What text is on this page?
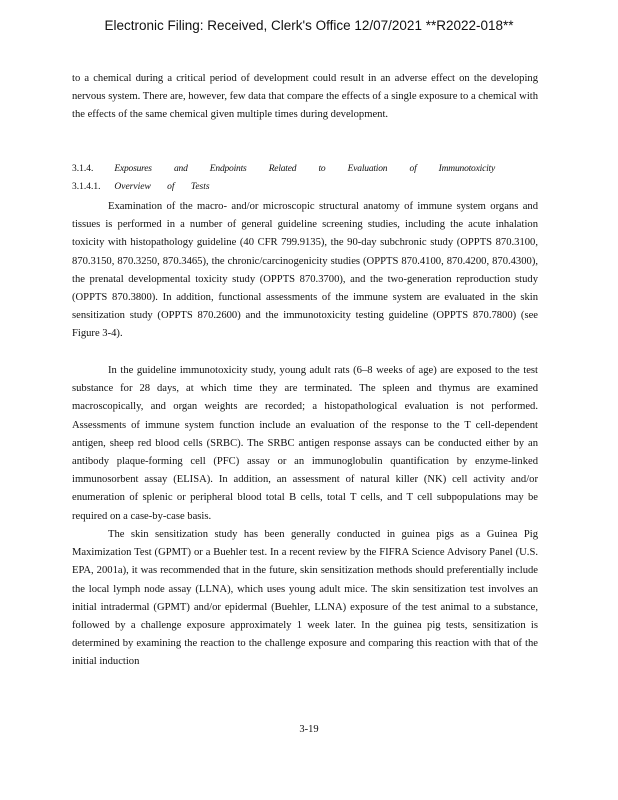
Electronic Filing: Received, Clerk's Office 12/07/2021 **R2022-018**
to a chemical during a critical period of development could result in an adverse effect on the developing nervous system. There are, however, few data that compare the effects of a single exposure to a chemical with the effects of the same chemical given multiple times during development.
3.1.4. Exposures and Endpoints Related to Evaluation of Immunotoxicity
3.1.4.1. Overview of Tests
Examination of the macro- and/or microscopic structural anatomy of immune system organs and tissues is performed in a number of general guideline screening studies, including the acute inhalation toxicity with histopathology guideline (40 CFR 799.9135), the 90-day subchronic study (OPPTS 870.3100, 870.3150, 870.3250, 870.3465), the chronic/carcinogenicity studies (OPPTS 870.4100, 870.4200, 870.4300), the prenatal developmental toxicity study (OPPTS 870.3700), and the two-generation reproduction study (OPPTS 870.3800). In addition, functional assessments of the immune system are evaluated in the skin sensitization study (OPPTS 870.2600) and the immunotoxicity testing guideline (OPPTS 870.7800) (see Figure 3-4).
In the guideline immunotoxicity study, young adult rats (6–8 weeks of age) are exposed to the test substance for 28 days, at which time they are terminated. The spleen and thymus are examined macroscopically, and organ weights are recorded; a histopathological evaluation is not performed. Assessments of immune system function include an evaluation of the response to the T cell-dependent antigen, sheep red blood cells (SRBC). The SRBC antigen response assays can be conducted either by an antibody plaque-forming cell (PFC) assay or an immunoglobulin quantification by enzyme-linked immunosorbent assay (ELISA). In addition, an assessment of natural killer (NK) cell activity and/or enumeration of splenic or peripheral blood total B cells, total T cells, and T cell subpopulations may be required on a case-by-case basis.
The skin sensitization study has been generally conducted in guinea pigs as a Guinea Pig Maximization Test (GPMT) or a Buehler test. In a recent review by the FIFRA Science Advisory Panel (U.S. EPA, 2001a), it was recommended that in the future, skin sensitization methods should preferentially include the local lymph node assay (LLNA), which uses young adult mice. The skin sensitization test involves an initial intradermal (GPMT) and/or epidermal (Buehler, LLNA) exposure of the test animal to a substance, followed by a challenge exposure approximately 1 week later. In the guinea pig tests, sensitization is determined by examining the reaction to the challenge exposure and comparing this reaction with that of the initial induction
3-19
